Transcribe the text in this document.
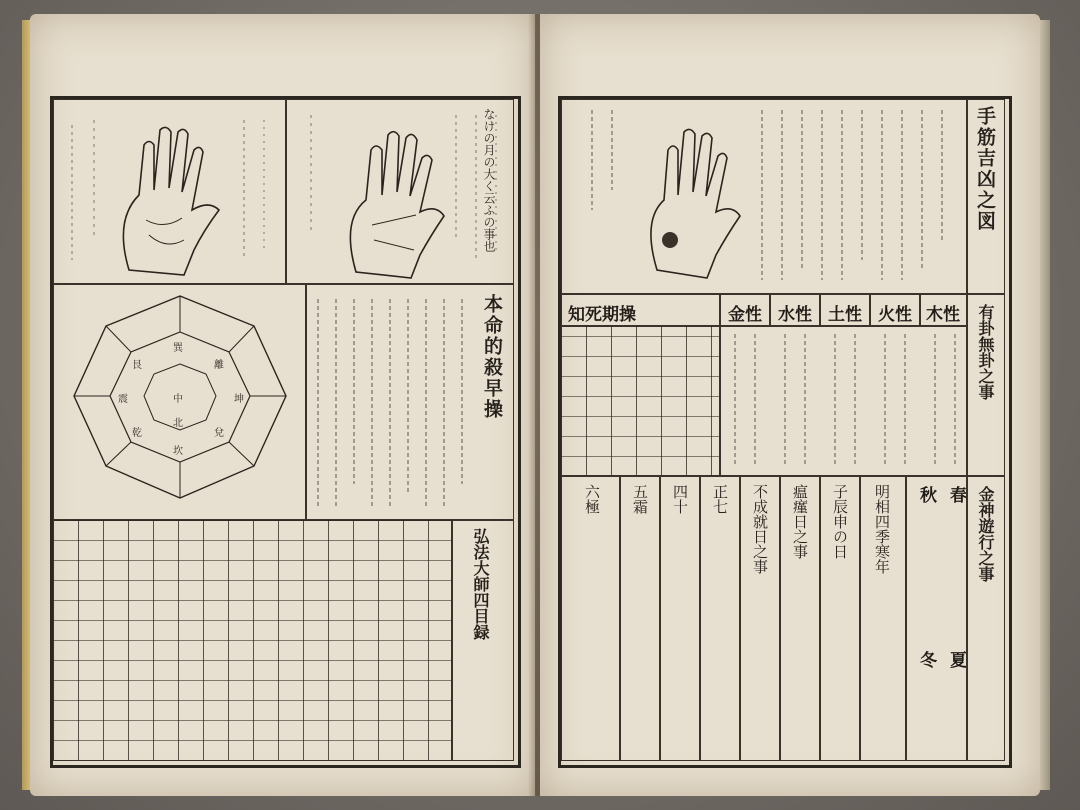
なけの月の大く云ふの事也
巽
離
坤
震	中
兌
艮
坎
乾
北
本命的殺早操
弘法大師四目録
手筋吉凶之図
知死期操	金性 水性 土性 火性 木性 有卦無卦之事
六極 五霜 四十 正七 不成就日之事 瘟瘽日之事 子辰申の日 明相四季寒年	春
夏
秋
冬
金神遊行之事
